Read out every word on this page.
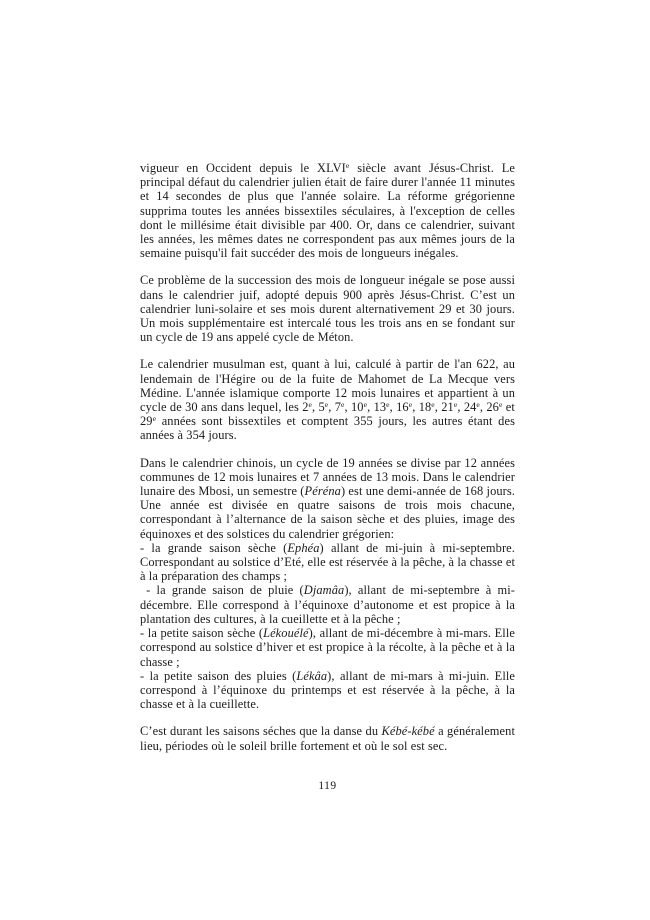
vigueur en Occident depuis le XLVIe siècle avant Jésus-Christ. Le principal défaut du calendrier julien était de faire durer l'année 11 minutes et 14 secondes de plus que l'année solaire. La réforme grégorienne supprima toutes les années bissextiles séculaires, à l'exception de celles dont le millésime était divisible par 400. Or, dans ce calendrier, suivant les années, les mêmes dates ne correspondent pas aux mêmes jours de la semaine puisqu'il fait succéder des mois de longueurs inégales.
Ce problème de la succession des mois de longueur inégale se pose aussi dans le calendrier juif, adopté depuis 900 après Jésus-Christ. C’est un calendrier luni-solaire et ses mois durent alternativement 29 et 30 jours. Un mois supplémentaire est intercalé tous les trois ans en se fondant sur un cycle de 19 ans appelé cycle de Méton.
Le calendrier musulman est, quant à lui, calculé à partir de l'an 622, au lendemain de l'Hégire ou de la fuite de Mahomet de La Mecque vers Médine. L'année islamique comporte 12 mois lunaires et appartient à un cycle de 30 ans dans lequel, les 2e, 5e, 7e, 10e, 13e, 16e, 18e, 21e, 24e, 26e et 29e années sont bissextiles et comptent 355 jours, les autres étant des années à 354 jours.
Dans le calendrier chinois, un cycle de 19 années se divise par 12 années communes de 12 mois lunaires et 7 années de 13 mois. Dans le calendrier lunaire des Mbosi, un semestre (Péréna) est une demi-année de 168 jours. Une année est divisée en quatre saisons de trois mois chacune, correspondant à l’alternance de la saison sèche et des pluies, image des équinoxes et des solstices du calendrier grégorien:
- la grande saison sèche (Ephéa) allant de mi-juin à mi-septembre. Correspondant au solstice d’Eté, elle est réservée à la pêche, à la chasse et à la préparation des champs ;
- la grande saison de pluie (Djamâa), allant de mi-septembre à mi-décembre. Elle correspond à l’équinoxe d’autonome et est propice à la plantation des cultures, à la cueillette et à la pêche ;
- la petite saison sèche (Lékouélé), allant de mi-décembre à mi-mars. Elle correspond au solstice d’hiver et est propice à la récolte, à la pêche et à la chasse ;
- la petite saison des pluies (Lékâa), allant de mi-mars à mi-juin. Elle correspond à l’équinoxe du printemps et est réservée à la pêche, à la chasse et à la cueillette.
C’est durant les saisons séches que la danse du Kébé-kébé a généralement lieu, périodes où le soleil brille fortement et où le sol est sec.
119
